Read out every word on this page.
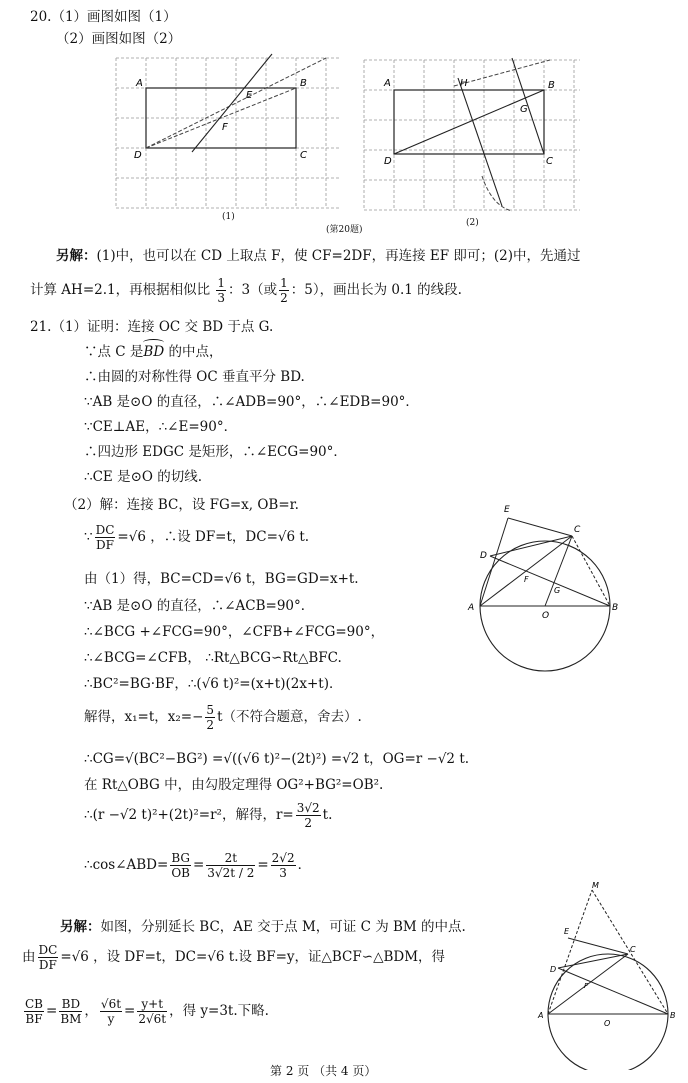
20.（1）画图如图（1）
（2）画图如图（2）
A	B
C
D
E
F
(1)
A	B
C
D
H
G
(2)
(第20题)
另解：(1)中，也可以在 CD 上取点 F，使 CF=2DF，再连接 EF 即可；(2)中，先通过
计算 AH=2.1，再根据相似比 $\frac{1}{3}$ ：3（或 $\frac{1}{2}$ ：5），画出长为 0.1 的线段.
21.（1）证明：连接 OC 交 BD 于点 G.
∵点 C 是
BD 的中点，
∴由圆的对称性得 OC 垂直平分 BD.
∵AB 是⊙O 的直径，∴∠ADB=90°，∴∠EDB=90°．
∵CE⊥AE，∴∠E=90°．
∴四边形 EDGC 是矩形，∴∠ECG=90°．
∴CE 是⊙O 的切线.
（2）解：连接 BC，设 FG=x, OB=r.
∵ $\frac{DC}{DF} =√6$ ，∴设 DF=t，DC=√6 t.
由（1）得，BC=CD=√6 t，BG=GD=x+t.
∵AB 是⊙O 的直径，∴∠ACB=90°．
∴∠BCG +∠FCG=90°，∠CFB+∠FCG=90°，
∴∠BCG=∠CFB， ∴Rt△BCG∽Rt△BFC.
∴BC²=BG·BF，∴(√6 t)²=(x+t)(2x+t)．
解得，x₁=t，$x_2=- \frac{5}{2} t$（不符合题意，舍去）.
∴CG=√(BC²−BG²) =√((√6 t)²−(2t)²) =√2 t，OG=r −√2 t.
在 Rt△OBG 中，由勾股定理得 OG²+BG²=OB².
∴(r −√2 t)²+(2t)²=r²，解得，$r= \frac{3√2}{2} t$.
∴cos∠ABD= $\frac{BG}{OB} = \frac{2t}{3√2t / 2} = \frac{2√2}{3}$ ．
E
C
D
F
G
A
O
B
另解：如图，分别延长 BC，AE 交于点 M，可证 C 为 BM 的中点.
由 $\frac{DC}{DF} =√6$ ，设 DF=t，DC=√6 t.设 BF=y，证△BCF∽△BDM，得
$\frac{CB}{BF} = \frac{BD}{BM}$ ， $\frac{√6t}{y} = \frac{y+t}{2√6t}$ ，得 y=3t.下略.
M
E
C
D
F
A
O
B
第 2 页 （共 4 页）
